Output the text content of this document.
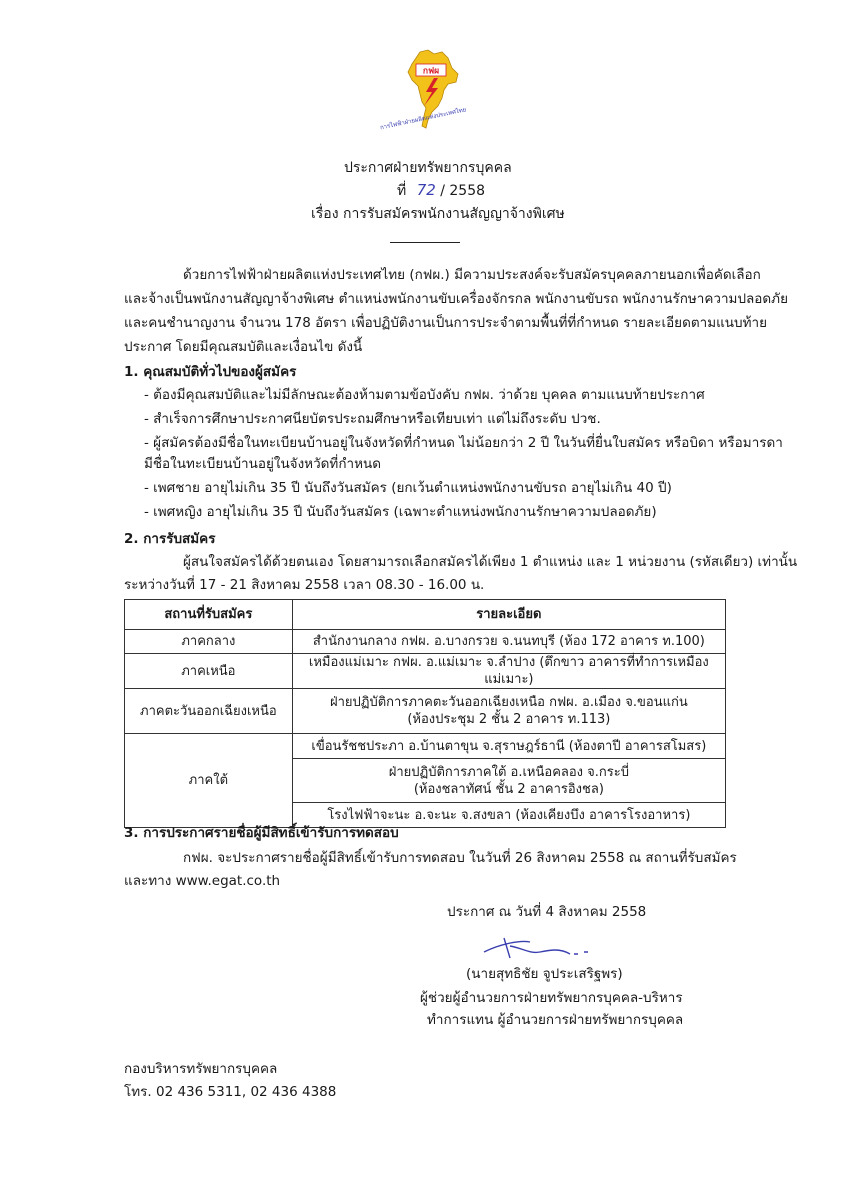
กฟผ
การไฟฟ้าฝ่ายผลิตแห่งประเทศไทย
ประกาศฝ่ายทรัพยากรบุคคล
ที่ 72 / 2558
เรื่อง การรับสมัครพนักงานสัญญาจ้างพิเศษ
ด้วยการไฟฟ้าฝ่ายผลิตแห่งประเทศไทย (กฟผ.) มีความประสงค์จะรับสมัครบุคคลภายนอกเพื่อคัดเลือก
และจ้างเป็นพนักงานสัญญาจ้างพิเศษ ตำแหน่งพนักงานขับเครื่องจักรกล พนักงานขับรถ พนักงานรักษาความปลอดภัย
และคนชำนาญงาน จำนวน 178 อัตรา เพื่อปฏิบัติงานเป็นการประจำตามพื้นที่ที่กำหนด รายละเอียดตามแนบท้าย
ประกาศ โดยมีคุณสมบัติและเงื่อนไข ดังนี้
1. คุณสมบัติทั่วไปของผู้สมัคร
- ต้องมีคุณสมบัติและไม่มีลักษณะต้องห้ามตามข้อบังคับ กฟผ. ว่าด้วย บุคคล ตามแนบท้ายประกาศ
- สำเร็จการศึกษาประกาศนียบัตรประถมศึกษาหรือเทียบเท่า แต่ไม่ถึงระดับ ปวช.
- ผู้สมัครต้องมีชื่อในทะเบียนบ้านอยู่ในจังหวัดที่กำหนด ไม่น้อยกว่า 2 ปี ในวันที่ยื่นใบสมัคร หรือบิดา หรือมารดา
มีชื่อในทะเบียนบ้านอยู่ในจังหวัดที่กำหนด
- เพศชาย อายุไม่เกิน 35 ปี นับถึงวันสมัคร (ยกเว้นตำแหน่งพนักงานขับรถ อายุไม่เกิน 40 ปี)
- เพศหญิง อายุไม่เกิน 35 ปี นับถึงวันสมัคร (เฉพาะตำแหน่งพนักงานรักษาความปลอดภัย)
2. การรับสมัคร
ผู้สนใจสมัครได้ด้วยตนเอง โดยสามารถเลือกสมัครได้เพียง 1 ตำแหน่ง และ 1 หน่วยงาน (รหัสเดียว) เท่านั้น
ระหว่างวันที่ 17 - 21 สิงหาคม 2558 เวลา 08.30 - 16.00 น.
สถานที่รับสมัคร	รายละเอียด
ภาคกลาง	สำนักงานกลาง กฟผ. อ.บางกรวย จ.นนทบุรี (ห้อง 172 อาคาร ท.100)
ภาคเหนือ	เหมืองแม่เมาะ กฟผ. อ.แม่เมาะ จ.ลำปาง (ตึกขาว อาคารที่ทำการเหมืองแม่เมาะ)
ภาคตะวันออกเฉียงเหนือ	ฝ่ายปฏิบัติการภาคตะวันออกเฉียงเหนือ กฟผ. อ.เมือง จ.ขอนแก่น
(ห้องประชุม 2 ชั้น 2 อาคาร ท.113)

ภาคใต้	เขื่อนรัชชประภา อ.บ้านตาขุน จ.สุราษฎร์ธานี (ห้องตาปี อาคารสโมสร)

	ฝ่ายปฏิบัติการภาคใต้ อ.เหนือคลอง จ.กระบี่
(ห้องชลาทัศน์ ชั้น 2 อาคารอิงชล)

	โรงไฟฟ้าจะนะ อ.จะนะ จ.สงขลา (ห้องเคียงบึง อาคารโรงอาหาร)
3. การประกาศรายชื่อผู้มีสิทธิ์เข้ารับการทดสอบ
กฟผ. จะประกาศรายชื่อผู้มีสิทธิ์เข้ารับการทดสอบ ในวันที่ 26 สิงหาคม 2558 ณ สถานที่รับสมัคร
และทาง www.egat.co.th
ประกาศ ณ วันที่ 4 สิงหาคม 2558
(นายสุทธิชัย จูประเสริฐพร)
ผู้ช่วยผู้อำนวยการฝ่ายทรัพยากรบุคคล-บริหาร
ทำการแทน ผู้อำนวยการฝ่ายทรัพยากรบุคคล
กองบริหารทรัพยากรบุคคล
โทร. 02 436 5311, 02 436 4388
